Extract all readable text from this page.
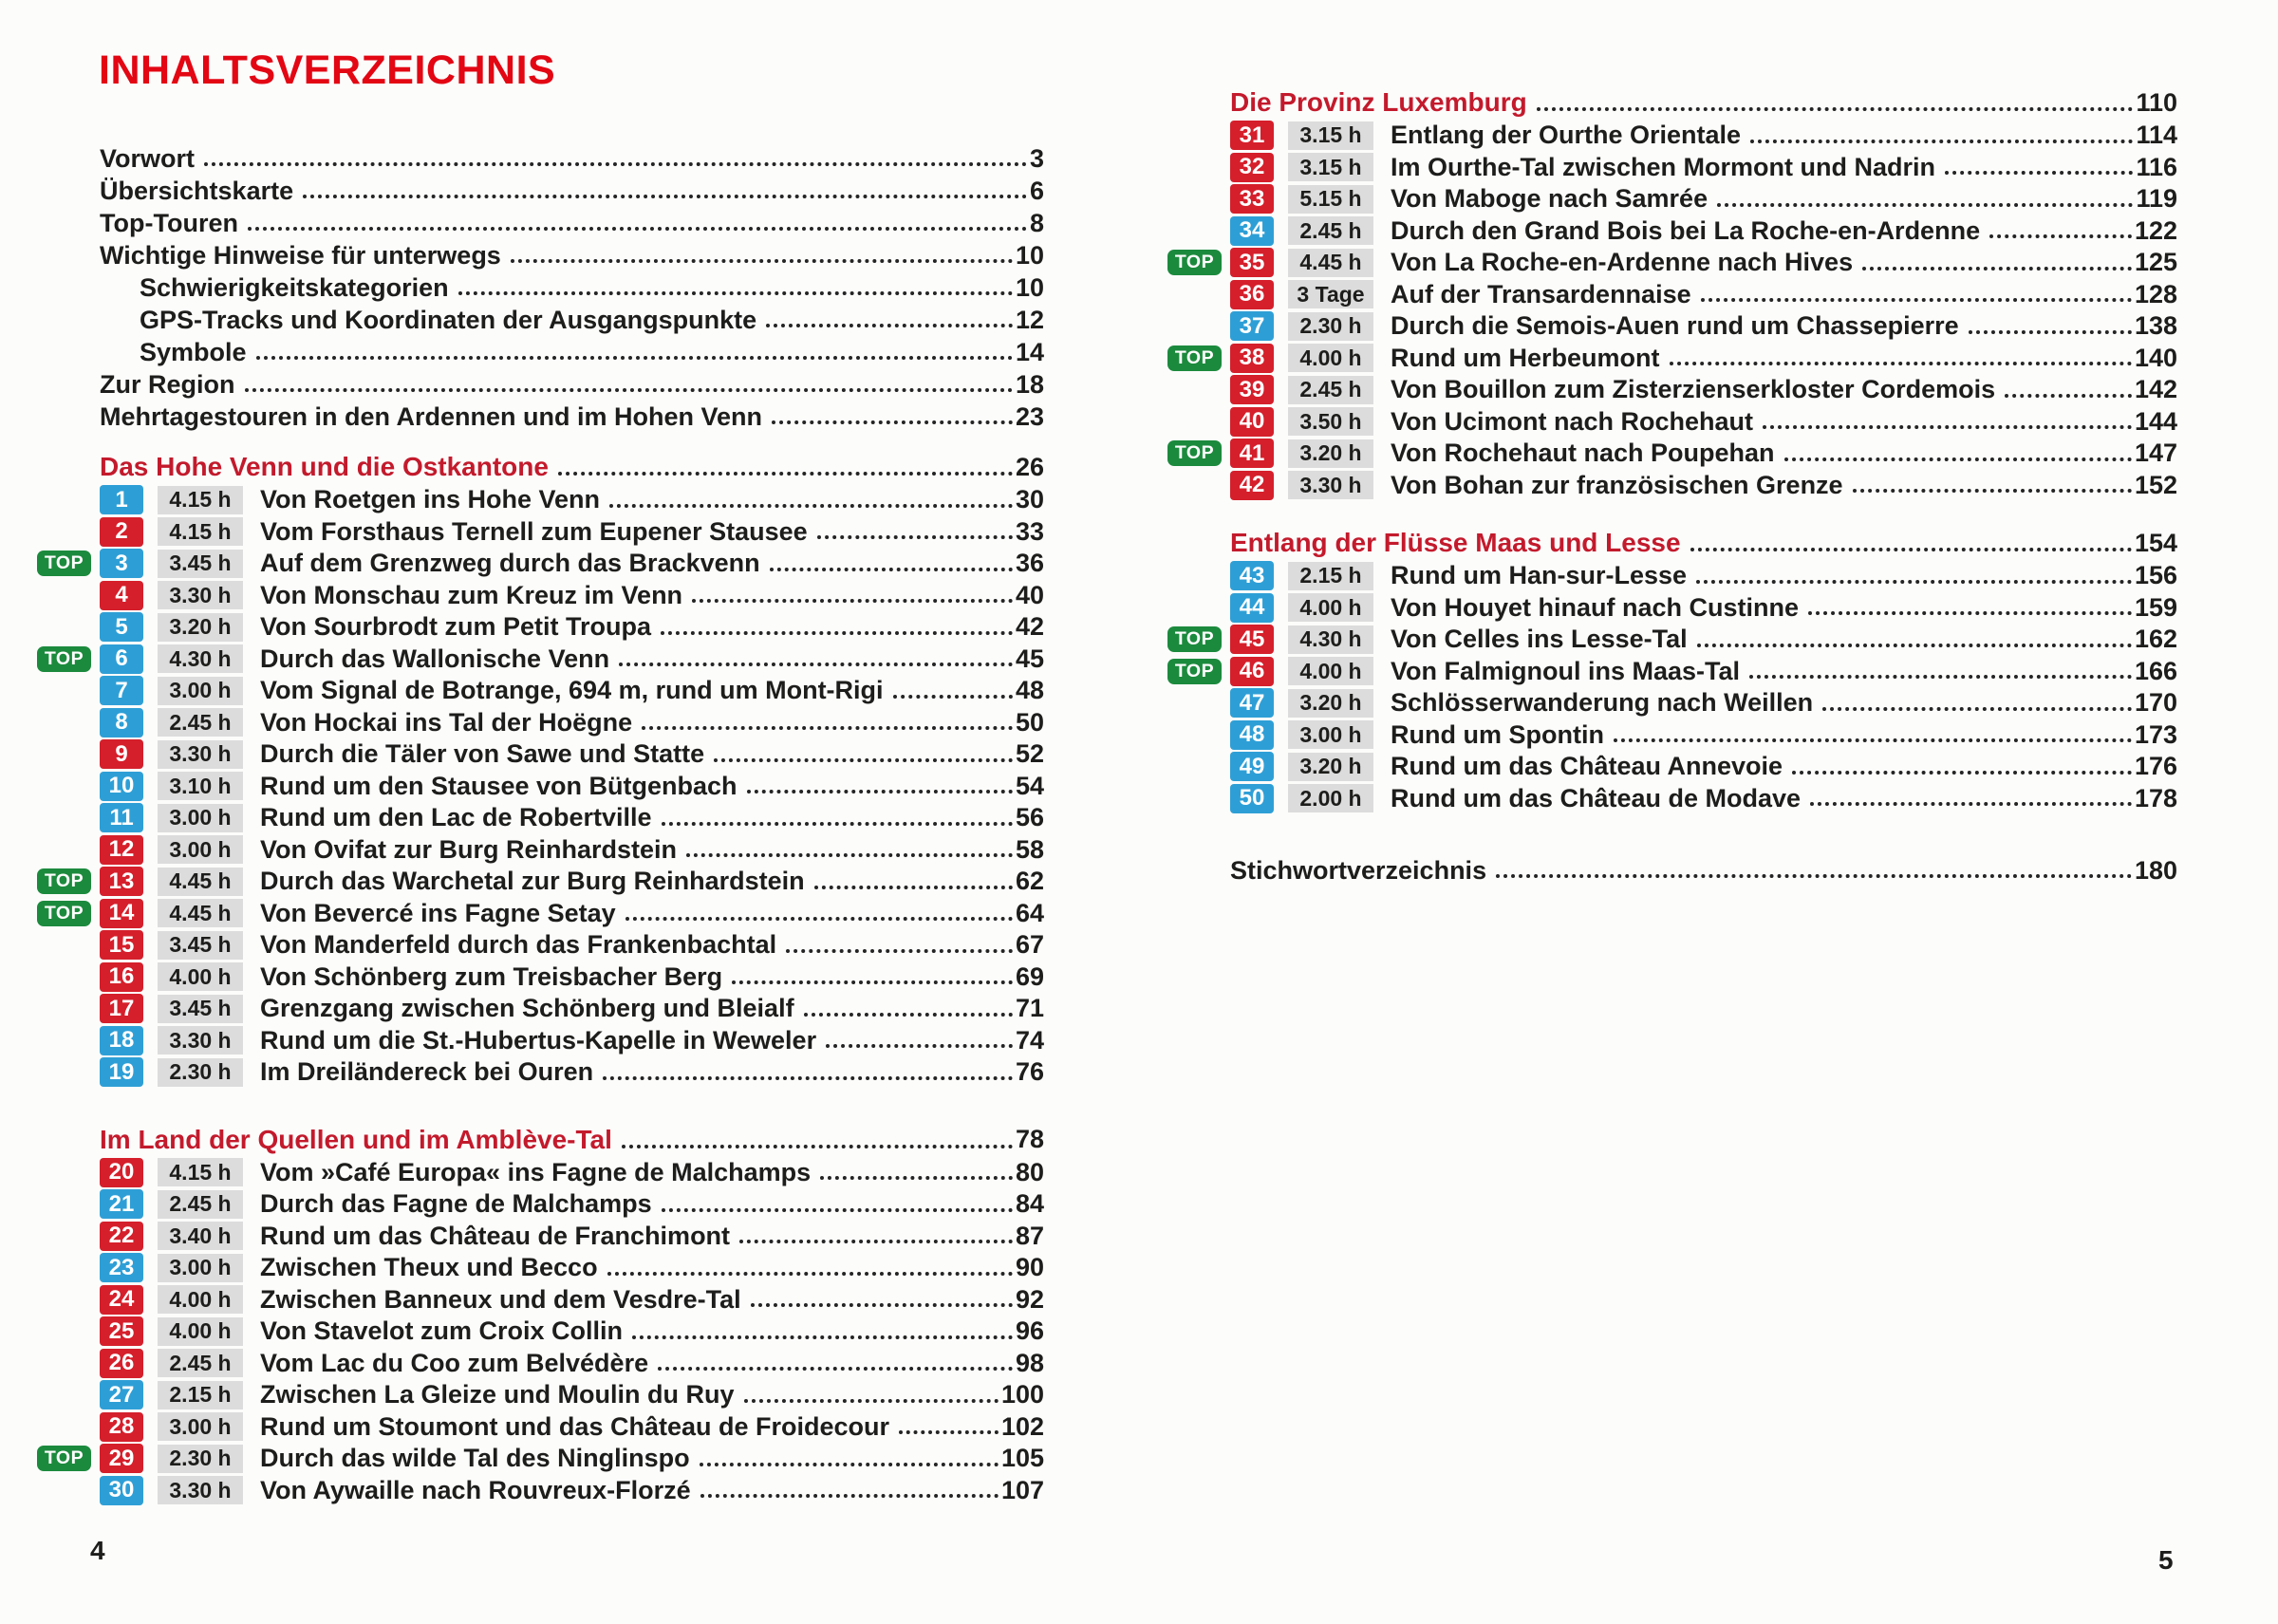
INHALTSVERZEICHNIS
Vorwort	3
Übersichtskarte	6
Top-Touren	8
Wichtige Hinweise für unterwegs	10
Schwierigkeitskategorien	10
GPS-Tracks und Koordinaten der Ausgangspunkte	12
Symbole	14
Zur Region	18
Mehrtagestouren in den Ardennen und im Hohen Venn	23
Das Hohe Venn und die Ostkantone	26
1	4.15 h	Von Roetgen ins Hohe Venn	30
2	4.15 h	Vom Forsthaus Ternell zum Eupener Stausee	33
TOP	3	3.45 h	Auf dem Grenzweg durch das Brackvenn	36
4	3.30 h	Von Monschau zum Kreuz im Venn	40
5	3.20 h	Von Sourbrodt zum Petit Troupa	42
TOP	6	4.30 h	Durch das Wallonische Venn	45
7	3.00 h	Vom Signal de Botrange, 694 m, rund um Mont-Rigi	48
8	2.45 h	Von Hockai ins Tal der Hoëgne	50
9	3.30 h	Durch die Täler von Sawe und Statte	52
10	3.10 h	Rund um den Stausee von Bütgenbach	54
11	3.00 h	Rund um den Lac de Robertville	56
12	3.00 h	Von Ovifat zur Burg Reinhardstein	58
TOP	13	4.45 h	Durch das Warchetal zur Burg Reinhardstein	62
TOP	14	4.45 h	Von Bevercé ins Fagne Setay	64
15	3.45 h	Von Manderfeld durch das Frankenbachtal	67
16	4.00 h	Von Schönberg zum Treisbacher Berg	69
17	3.45 h	Grenzgang zwischen Schönberg und Bleialf	71
18	3.30 h	Rund um die St.-Hubertus-Kapelle in Weweler	74
19	2.30 h	Im Dreiländereck bei Ouren	76
Im Land der Quellen und im Amblève-Tal	78
20	4.15 h	Vom »Café Europa« ins Fagne de Malchamps	80
21	2.45 h	Durch das Fagne de Malchamps	84
22	3.40 h	Rund um das Château de Franchimont	87
23	3.00 h	Zwischen Theux und Becco	90
24	4.00 h	Zwischen Banneux und dem Vesdre-Tal	92
25	4.00 h	Von Stavelot zum Croix Collin	96
26	2.45 h	Vom Lac du Coo zum Belvédère	98
27	2.15 h	Zwischen La Gleize und Moulin du Ruy	100
28	3.00 h	Rund um Stoumont und das Château de Froidecour	102
TOP	29	2.30 h	Durch das wilde Tal des Ninglinspo	105
30	3.30 h	Von Aywaille nach Rouvreux-Florzé	107
Die Provinz Luxemburg	110
31	3.15 h	Entlang der Ourthe Orientale	114
32	3.15 h	Im Ourthe-Tal zwischen Mormont und Nadrin	116
33	5.15 h	Von Maboge nach Samrée	119
34	2.45 h	Durch den Grand Bois bei La Roche-en-Ardenne	122
TOP	35	4.45 h	Von La Roche-en-Ardenne nach Hives	125
36	3 Tage	Auf der Transardennaise	128
37	2.30 h	Durch die Semois-Auen rund um Chassepierre	138
TOP	38	4.00 h	Rund um Herbeumont	140
39	2.45 h	Von Bouillon zum Zisterzienserkloster Cordemois	142
40	3.50 h	Von Ucimont nach Rochehaut	144
TOP	41	3.20 h	Von Rochehaut nach Poupehan	147
42	3.30 h	Von Bohan zur französischen Grenze	152
Entlang der Flüsse Maas und Lesse	154
43	2.15 h	Rund um Han-sur-Lesse	156
44	4.00 h	Von Houyet hinauf nach Custinne	159
TOP	45	4.30 h	Von Celles ins Lesse-Tal	162
TOP	46	4.00 h	Von Falmignoul ins Maas-Tal	166
47	3.20 h	Schlösserwanderung nach Weillen	170
48	3.00 h	Rund um Spontin	173
49	3.20 h	Rund um das Château Annevoie	176
50	2.00 h	Rund um das Château de Modave	178
Stichwortverzeichnis	180
4	5
